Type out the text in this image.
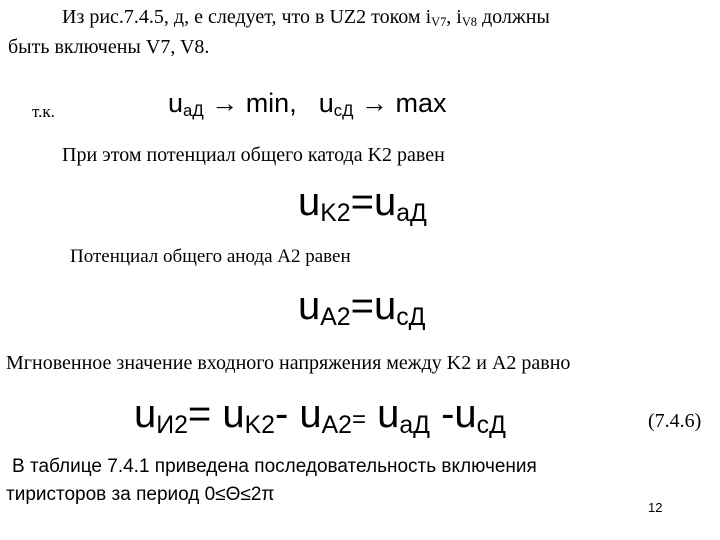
Из рис.7.4.5, д, е следует, что в UZ2 током $i_{V7}$, $i_{V8}$ должны
быть включены V7, V8.
т.к.	$u_{aД} \to \min$, $u_{cД} \to \max$
При этом потенциал общего катода K2 равен
$u_{K2}=u_{aД}$
Потенциал общего анода A2 равен
$u_{A2}=u_{cД}$
Мгновенное значение входного напряжения между K2 и A2 равно
$u_{И2}= u_{K2}-$ $u_{A2}= u_{aД}$ $-u_{cД}$	(7.4.6)
В таблице 7.4.1 приведена последовательность включения
тиристоров за период 0≤Θ≤2π
12
